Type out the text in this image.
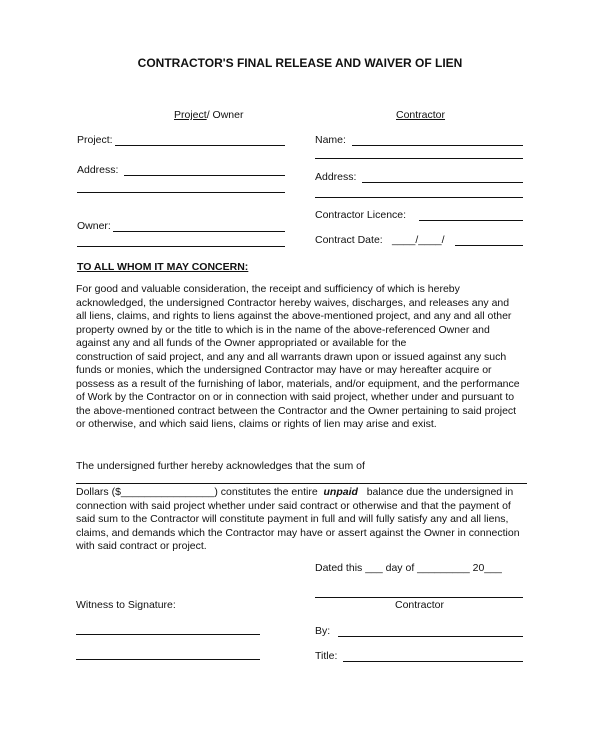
CONTRACTOR'S FINAL RELEASE AND WAIVER OF LIEN
Project/ Owner	Contractor
Project:
Address:
Owner:
Name:
Address:
Contractor Licence:
Contract Date: ____/____/
TO ALL WHOM IT MAY CONCERN:
For good and valuable consideration, the receipt and sufficiency of which is hereby
acknowledged, the undersigned Contractor hereby waives, discharges, and releases any and
all liens, claims, and rights to liens against the above-mentioned project, and any and all other
property owned by or the title to which is in the name of the above-referenced Owner and
against any and all funds of the Owner appropriated or available for the
construction of said project, and any and all warrants drawn upon or issued against any such
funds or monies, which the undersigned Contractor may have or may hereafter acquire or
possess as a result of the furnishing of labor, materials, and/or equipment, and the performance
of Work by the Contractor on or in connection with said project, whether under and pursuant to
the above-mentioned contract between the Contractor and the Owner pertaining to said project
or otherwise, and which said liens, claims or rights of lien may arise and exist.
The undersigned further hereby acknowledges that the sum of
Dollars ($________________) constitutes the entire unpaid balance due the undersigned in
connection with said project whether under said contract or otherwise and that the payment of
said sum to the Contractor will constitute payment in full and will fully satisfy any and all liens,
claims, and demands which the Contractor may have or assert against the Owner in connection
with said contract or project.
Dated this ___ day of _________ 20___
Contractor
Witness to Signature:
By:
Title:
